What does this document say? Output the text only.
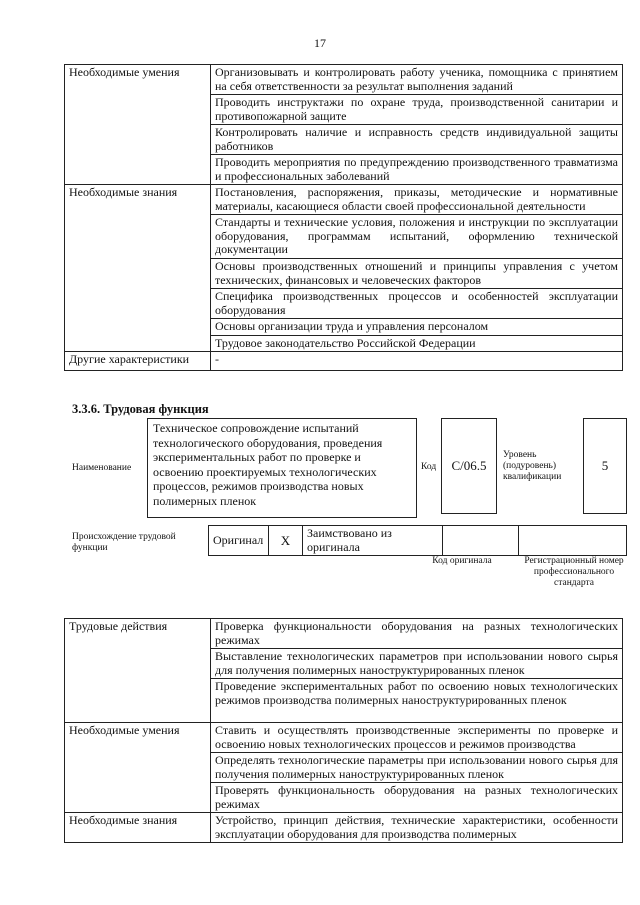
17
Необходимые умения	Организовывать и контролировать работу ученика, помощника с принятием на себя ответственности за результат выполнения заданий
	Проводить инструктажи по охране труда, производственной санитарии и противопожарной защите
	Контролировать наличие и исправность средств индивидуальной защиты работников
	Проводить мероприятия по предупреждению производственного травматизма и профессиональных заболеваний
Необходимые знания	Постановления, распоряжения, приказы, методические и нормативные материалы, касающиеся области своей профессиональной деятельности
	Стандарты и технические условия, положения и инструкции по эксплуатации оборудования, программам испытаний, оформлению технической документации
	Основы производственных отношений и принципы управления с учетом технических, финансовых и человеческих факторов
	Специфика производственных процессов и особенностей эксплуатации оборудования
	Основы организации труда и управления персоналом
	Трудовое законодательство Российской Федерации
Другие характеристики	-
3.3.6. Трудовая функция
Наименование
Техническое сопровождение испытаний технологического оборудования, проведения экспериментальных работ по проверке и освоению проектируемых технологических процессов, режимов производства новых полимерных пленок
Код С/06.5
Уровень (подуровень) квалификации
5
Происхождение трудовой функции
Оригинал	X	Заимствовано из оригинала		
Код оригинала	Регистрационный номер профессионального стандарта
Трудовые действия	Проверка функциональности оборудования на разных технологических режимах
	Выставление технологических параметров при использовании нового сырья для получения полимерных наноструктурированных пленок
	Проведение экспериментальных работ по освоению новых технологических режимов производства полимерных наноструктурированных пленок
Необходимые умения	Ставить и осуществлять производственные эксперименты по проверке и освоению новых технологических процессов и режимов производства
	Определять технологические параметры при использовании нового сырья для получения полимерных наноструктурированных пленок
	Проверять функциональность оборудования на разных технологических режимах
Необходимые знания	Устройство, принцип действия, технические характеристики, особенности эксплуатации оборудования для производства полимерных
